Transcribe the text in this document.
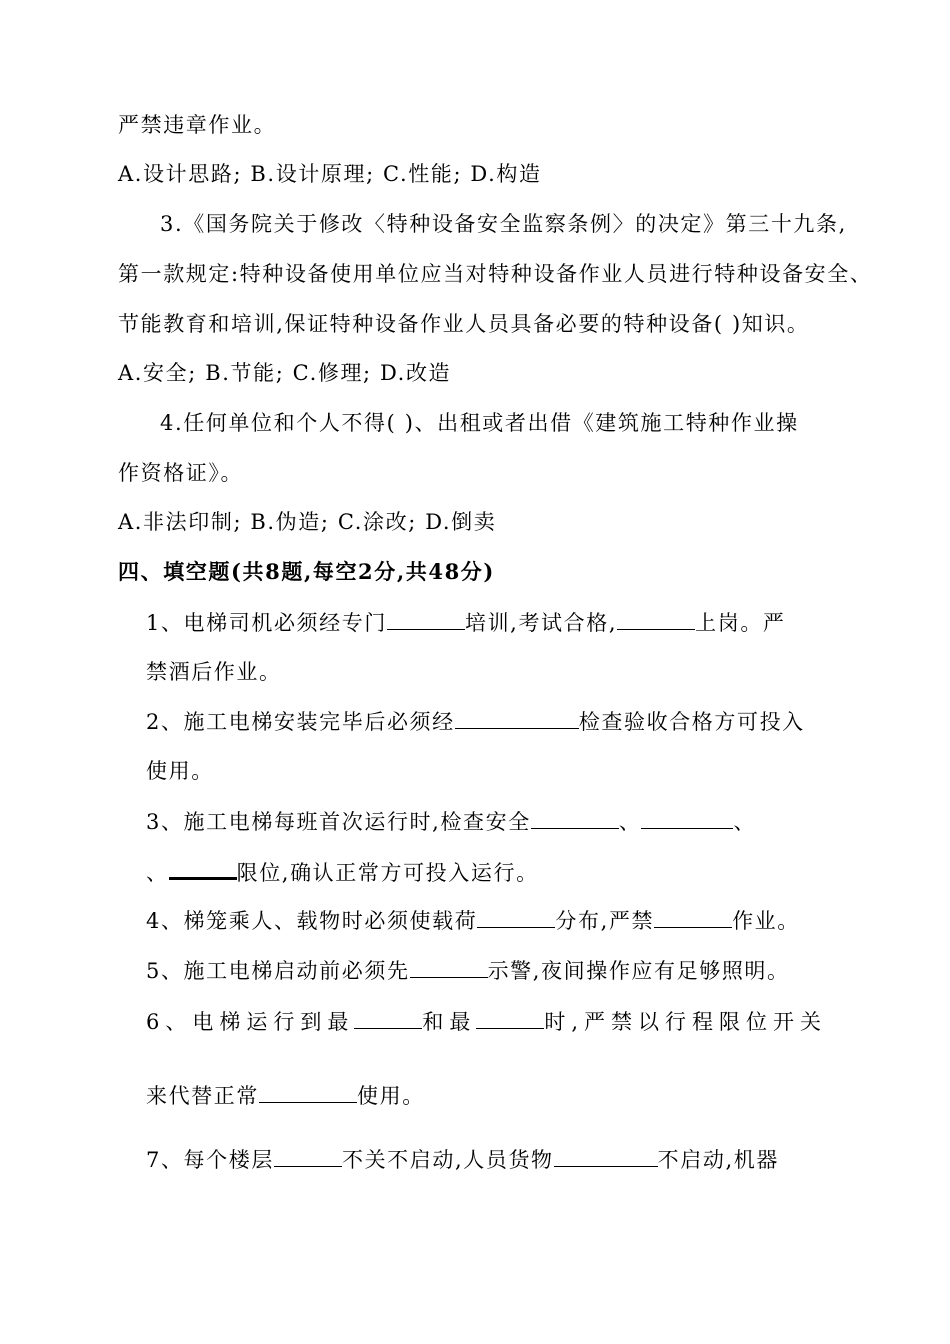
严禁违章作业。
A.设计思路; B.设计原理; C.性能; D.构造
3.《国务院关于修改〈特种设备安全监察条例〉的决定》第三十九条,
第一款规定:特种设备使用单位应当对特种设备作业人员进行特种设备安全、
节能教育和培训,保证特种设备作业人员具备必要的特种设备( )知识。
A.安全; B.节能; C.修理; D.改造
4.任何单位和个人不得( )、出租或者出借《建筑施工特种作业操
作资格证》。
A.非法印制; B.伪造; C.涂改; D.倒卖
四、填空题(共8题,每空2分,共48分)
1、电梯司机必须经专门	培训,考试合格,	上岗。严
禁酒后作业。
2、施工电梯安装完毕后必须经	检查验收合格方可投入
使用。
3、施工电梯每班首次运行时,检查安全	、	、
、	限位,确认正常方可投入运行。
4、梯笼乘人、载物时必须使载荷	分布,严禁	作业。
5、施工电梯启动前必须先	示警,夜间操作应有足够照明。
6、电梯运行到最	和最	时,严禁以行程限位开关
来代替正常	使用。
7、每个楼层	不关不启动,人员货物	不启动,机器
